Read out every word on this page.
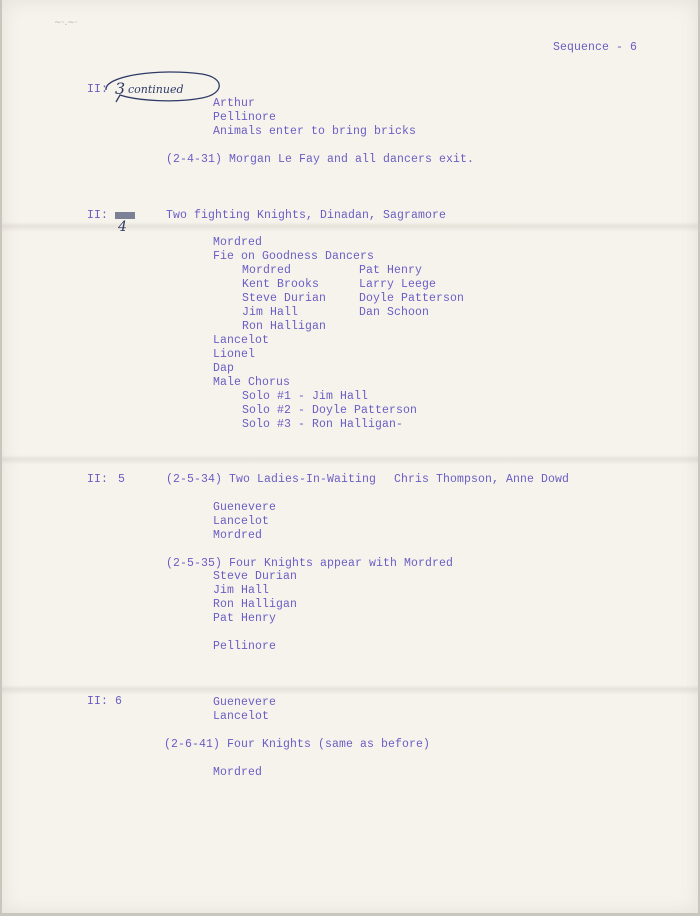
~·.~·

Sequence - 6

II: 3 continued

Arthur

Pellinore

Animals enter to bring bricks

(2-4-31) Morgan Le Fay and all dancers exit.

II:

4

Two fighting Knights, Dinadan, Sagramore

Mordred

Fie on Goodness Dancers

Mordred

Kent Brooks

Steve Durian

Jim Hall

Ron Halligan

Pat Henry

Larry Leege

Doyle Patterson

Dan Schoon

Lancelot

Lionel

Dap

Male Chorus

Solo #1 - Jim Hall

Solo #2 - Doyle Patterson

Solo #3 - Ron Halligan-

II: 5	(2-5-34) Two Ladies-In-Waiting Chris Thompson, Anne Dowd

Guenevere

Lancelot

Mordred

(2-5-35) Four Knights appear with Mordred

Steve Durian

Jim Hall

Ron Halligan

Pat Henry

Pellinore

II: 6	Guenevere

Lancelot

(2-6-41) Four Knights (same as before)

Mordred
